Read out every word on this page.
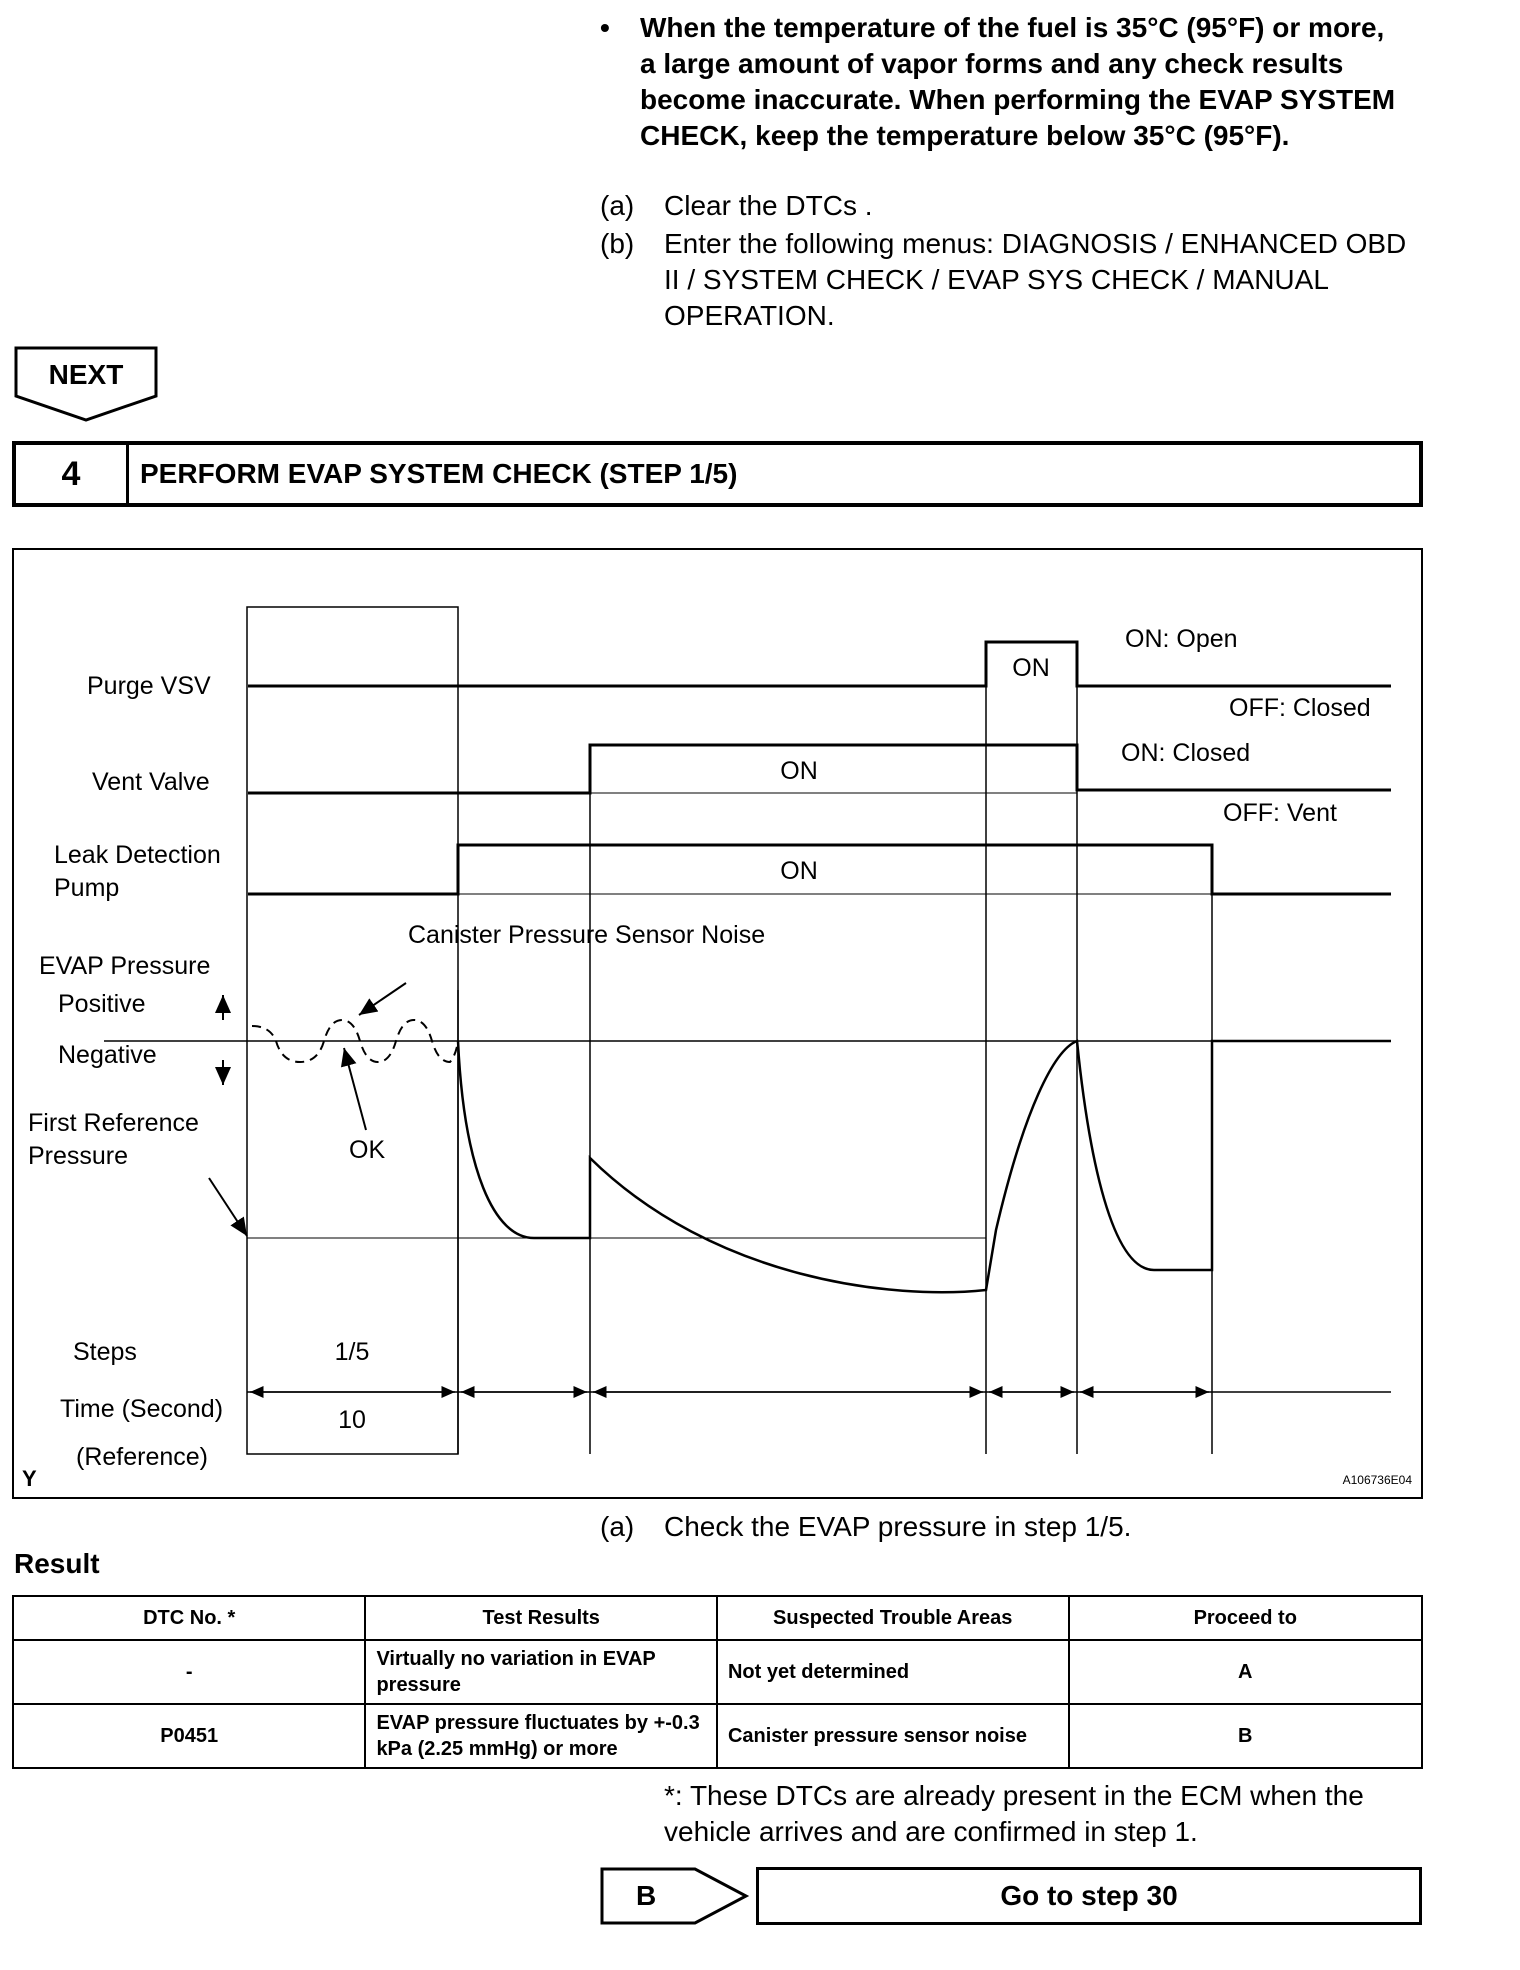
• When the temperature of the fuel is 35°C (95°F) or more, a large amount of vapor forms and any check results become inaccurate. When performing the EVAP SYSTEM CHECK, keep the temperature below 35°C (95°F).
(a) Clear the DTCs .
(b) Enter the following menus: DIAGNOSIS / ENHANCED OBD II / SYSTEM CHECK / EVAP SYS CHECK / MANUAL OPERATION.
NEXT
4	PERFORM EVAP SYSTEM CHECK (STEP 1/5)
Purge VSV
Vent Valve
Leak Detection
Pump
EVAP Pressure
Positive
Negative
First Reference
Pressure
Steps
Time (Second)
(Reference)
Y	A106736E04
Canister Pressure Sensor Noise
OK
ON
ON
ON
ON: Open
OFF: Closed
ON: Closed
OFF: Vent
1/5
10
(a) Check the EVAP pressure in step 1/5.
Result
DTC No. *	Test Results	Suspected Trouble Areas	Proceed to
-	Virtually no variation in EVAP pressure	Not yet determined	A
P0451	EVAP pressure fluctuates by +-0.3 kPa (2.25 mmHg) or more	Canister pressure sensor noise	B
*: These DTCs are already present in the ECM when the vehicle arrives and are confirmed in step 1.
B	Go to step 30
